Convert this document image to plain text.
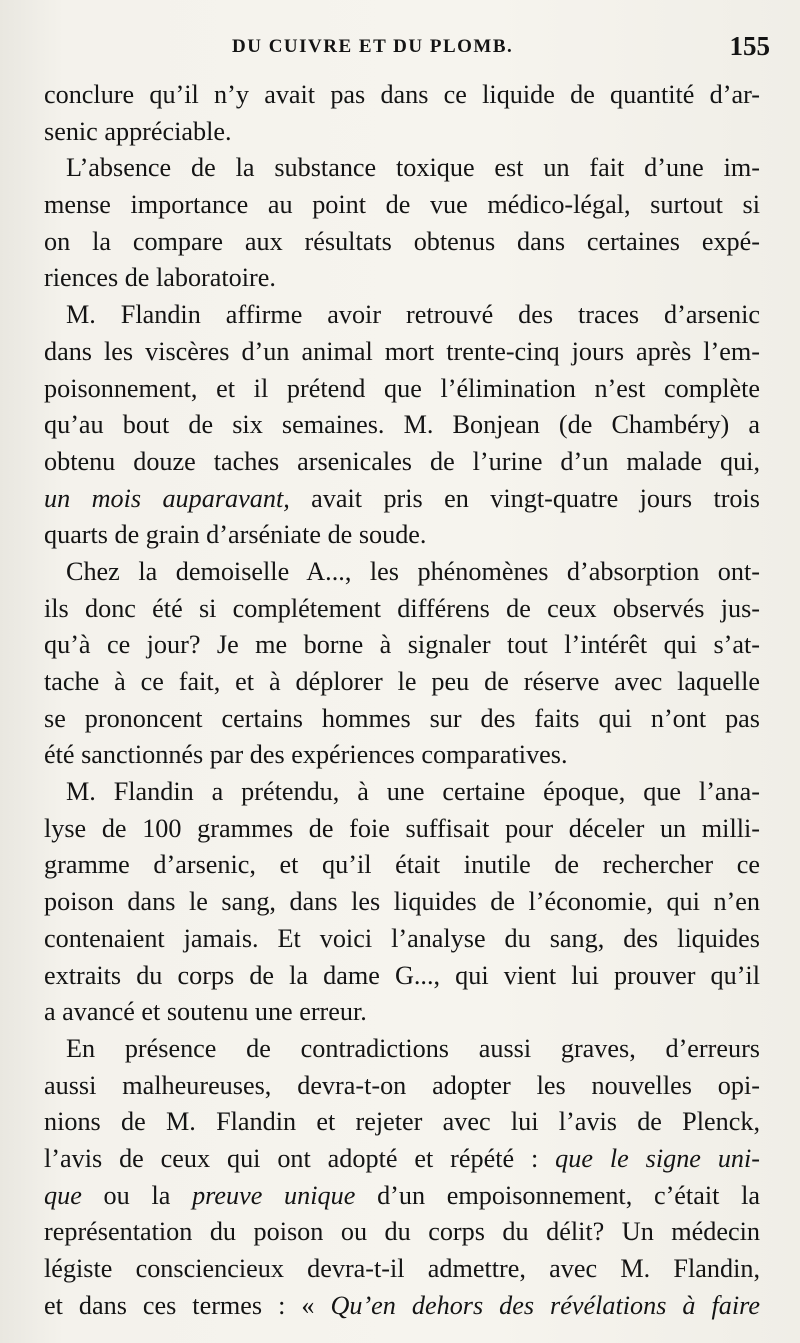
DU CUIVRE ET DU PLOMB.	155
conclure qu’il n’y avait pas dans ce liquide de quantité d’ar-
senic appréciable.
L’absence de la substance toxique est un fait d’une im-
mense importance au point de vue médico-légal, surtout si
on la compare aux résultats obtenus dans certaines expé-
riences de laboratoire.
M. Flandin affirme avoir retrouvé des traces d’arsenic
dans les viscères d’un animal mort trente-cinq jours après l’em-
poisonnement, et il prétend que l’élimination n’est complète
qu’au bout de six semaines. M. Bonjean (de Chambéry) a
obtenu douze taches arsenicales de l’urine d’un malade qui,
un mois auparavant, avait pris en vingt-quatre jours trois
quarts de grain d’arséniate de soude.
Chez la demoiselle A..., les phénomènes d’absorption ont-
ils donc été si complétement différens de ceux observés jus-
qu’à ce jour? Je me borne à signaler tout l’intérêt qui s’at-
tache à ce fait, et à déplorer le peu de réserve avec laquelle
se prononcent certains hommes sur des faits qui n’ont pas
été sanctionnés par des expériences comparatives.
M. Flandin a prétendu, à une certaine époque, que l’ana-
lyse de 100 grammes de foie suffisait pour déceler un milli-
gramme d’arsenic, et qu’il était inutile de rechercher ce
poison dans le sang, dans les liquides de l’économie, qui n’en
contenaient jamais. Et voici l’analyse du sang, des liquides
extraits du corps de la dame G..., qui vient lui prouver qu’il
a avancé et soutenu une erreur.
En présence de contradictions aussi graves, d’erreurs
aussi malheureuses, devra-t-on adopter les nouvelles opi-
nions de M. Flandin et rejeter avec lui l’avis de Plenck,
l’avis de ceux qui ont adopté et répété : que le signe uni-
que ou la preuve unique d’un empoisonnement, c’était la
représentation du poison ou du corps du délit? Un médecin
légiste consciencieux devra-t-il admettre, avec M. Flandin,
et dans ces termes : « Qu’en dehors des révélations à faire
